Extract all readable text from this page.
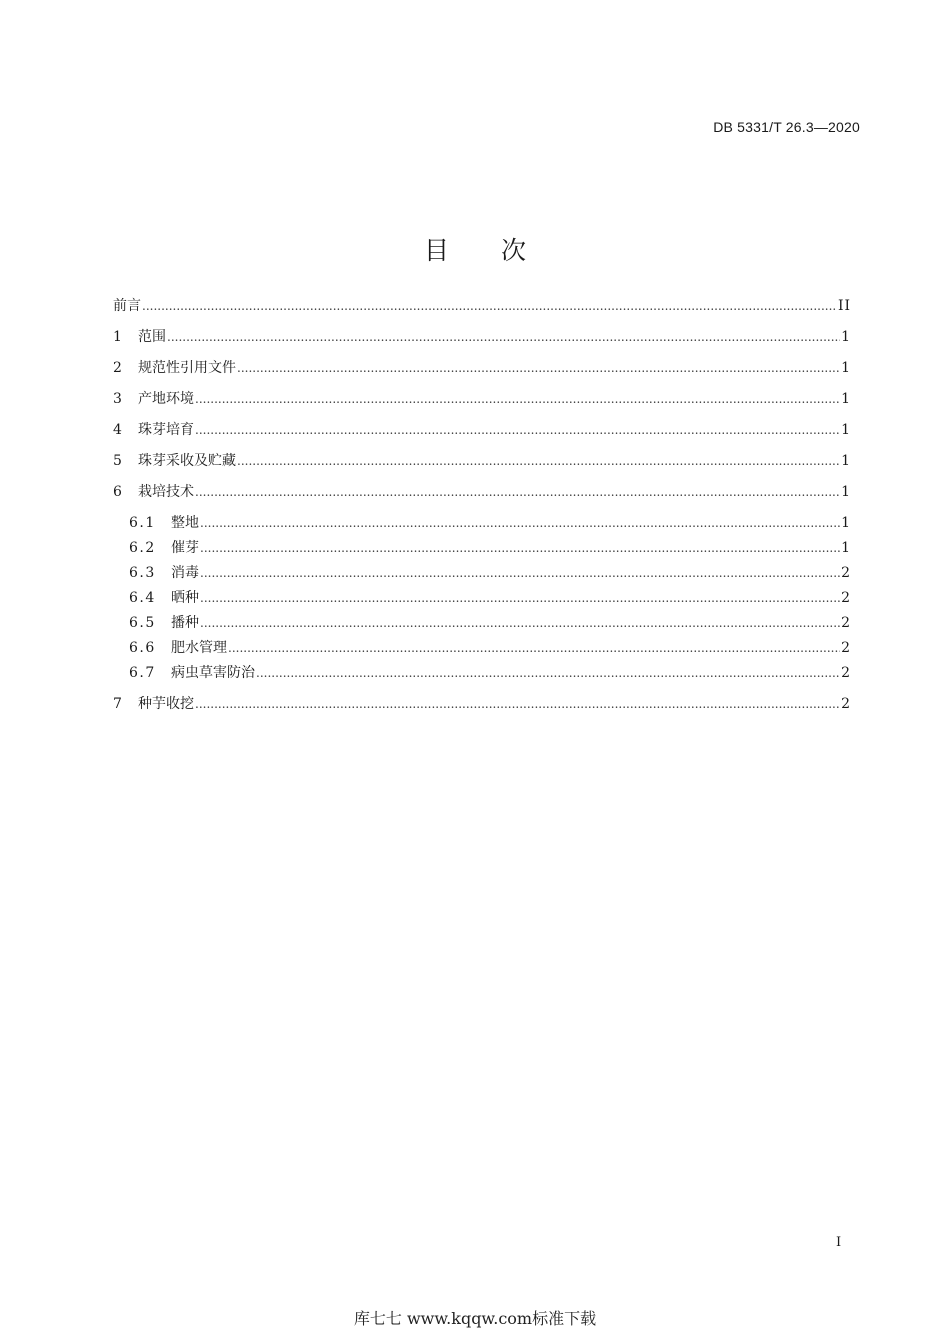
DB 5331/T 26.3—2020
目次
前言 .....	II
1	范围 .....	1
2	规范性引用文件 .....	1
3	产地环境 .....	1
4	珠芽培育 .....	1
5	珠芽采收及贮藏 .....	1
6	栽培技术 .....	1
6.1	整地 .....	1
6.2	催芽 .....	1
6.3	消毒 .....	2
6.4	晒种 .....	2
6.5	播种 .....	2
6.6	肥水管理 .....	2
6.7	病虫草害防治 .....	2
7	种芋收挖 .....	2
I
库七七 www.kqqw.com标准下载
